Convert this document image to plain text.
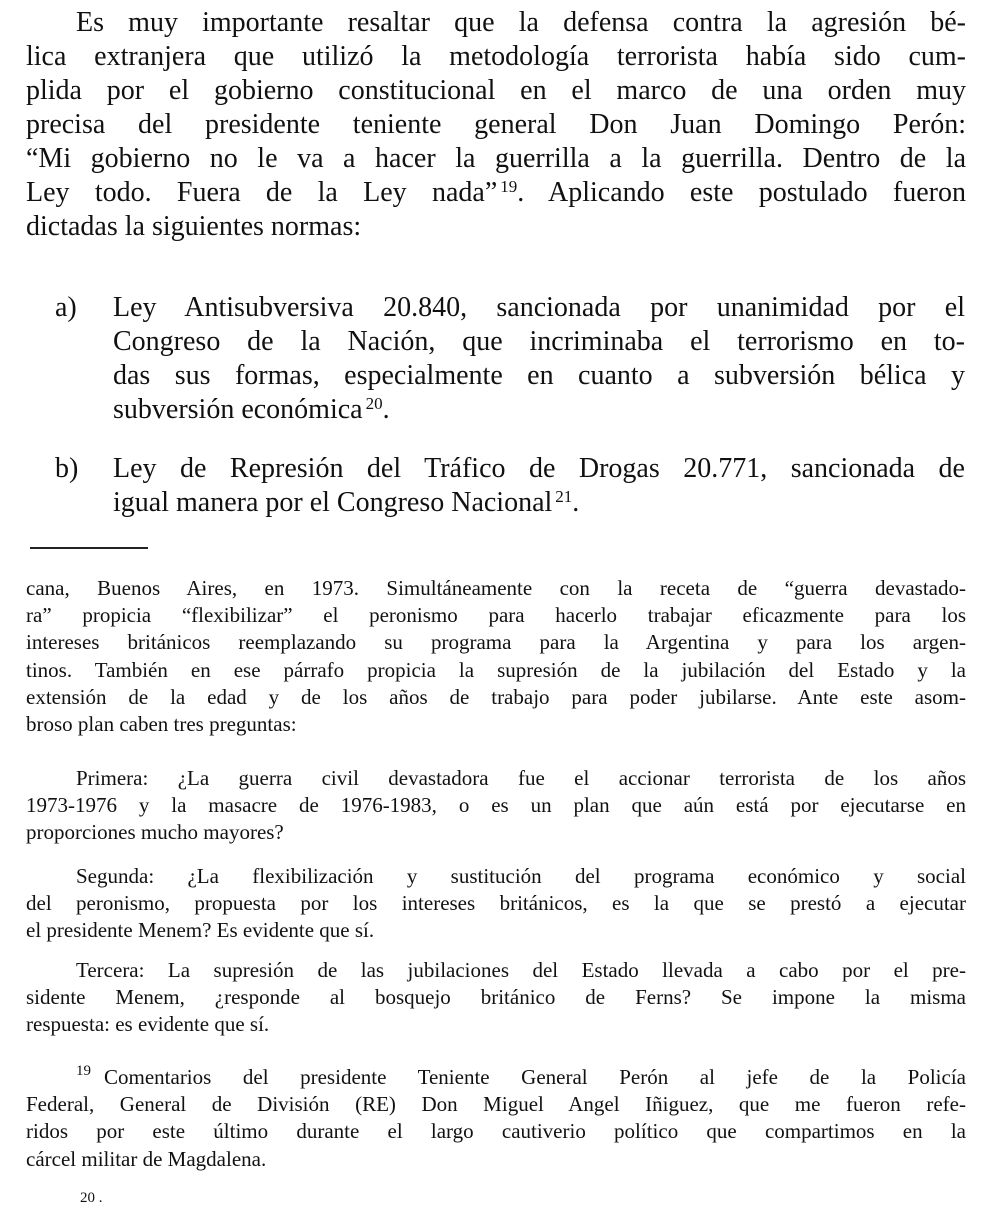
Es muy importante resaltar que la defensa contra la agresión bé-
lica extranjera que utilizó la metodología terrorista había sido cum-
plida por el gobierno constitucional en el marco de una orden muy
precisa del presidente teniente general Don Juan Domingo Perón:
“Mi gobierno no le va a hacer la guerrilla a la guerrilla. Dentro de la
Ley todo. Fuera de la Ley nada” $^{19}$. Aplicando este postulado fueron
dictadas la siguientes normas:
a) Ley Antisubversiva 20.840, sancionada por unanimidad por el
Congreso de la Nación, que incriminaba el terrorismo en to-
das sus formas, especialmente en cuanto a subversión bélica y
subversión económica $^{20}$.
b) Ley de Represión del Tráfico de Drogas 20.771, sancionada de
igual manera por el Congreso Nacional $^{21}$.
cana, Buenos Aires, en 1973. Simultáneamente con la receta de “guerra devastado-
ra” propicia “flexibilizar” el peronismo para hacerlo trabajar eficazmente para los
intereses británicos reemplazando su programa para la Argentina y para los argen-
tinos. También en ese párrafo propicia la supresión de la jubilación del Estado y la
extensión de la edad y de los años de trabajo para poder jubilarse. Ante este asom-
broso plan caben tres preguntas:
Primera: ¿La guerra civil devastadora fue el accionar terrorista de los años
1973-1976 y la masacre de 1976-1983, o es un plan que aún está por ejecutarse en
proporciones mucho mayores?
Segunda: ¿La flexibilización y sustitución del programa económico y social
del peronismo, propuesta por los intereses británicos, es la que se prestó a ejecutar
el presidente Menem? Es evidente que sí.
Tercera: La supresión de las jubilaciones del Estado llevada a cabo por el pre-
sidente Menem, ¿responde al bosquejo británico de Ferns? Se impone la misma
respuesta: es evidente que sí.
19 Comentarios del presidente Teniente General Perón al jefe de la Policía
Federal, General de División (RE) Don Miguel Angel Iñiguez, que me fueron refe-
ridos por este último durante el largo cautiverio político que compartimos en la
cárcel militar de Magdalena.
20 .
